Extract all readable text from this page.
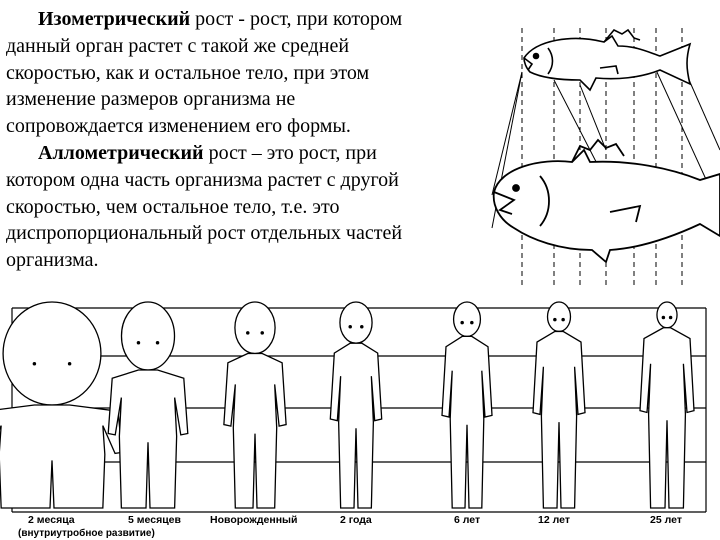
Изометрический рост - рост, при котором

данный орган растет с такой же средней

скоростью, как и остальное тело, при этом

изменение размеров организма не

сопровождается изменением его формы.

Аллометрический рост – это рост, при

котором одна часть организма растет с другой

скоростью, чем остальное тело, т.е. это

диспропорциональный рост отдельных частей

организма.

2 месяца
(внутриутробное развитие)
5 месяцев	Новорожденный	2 года	6 лет	12 лет	25 лет
